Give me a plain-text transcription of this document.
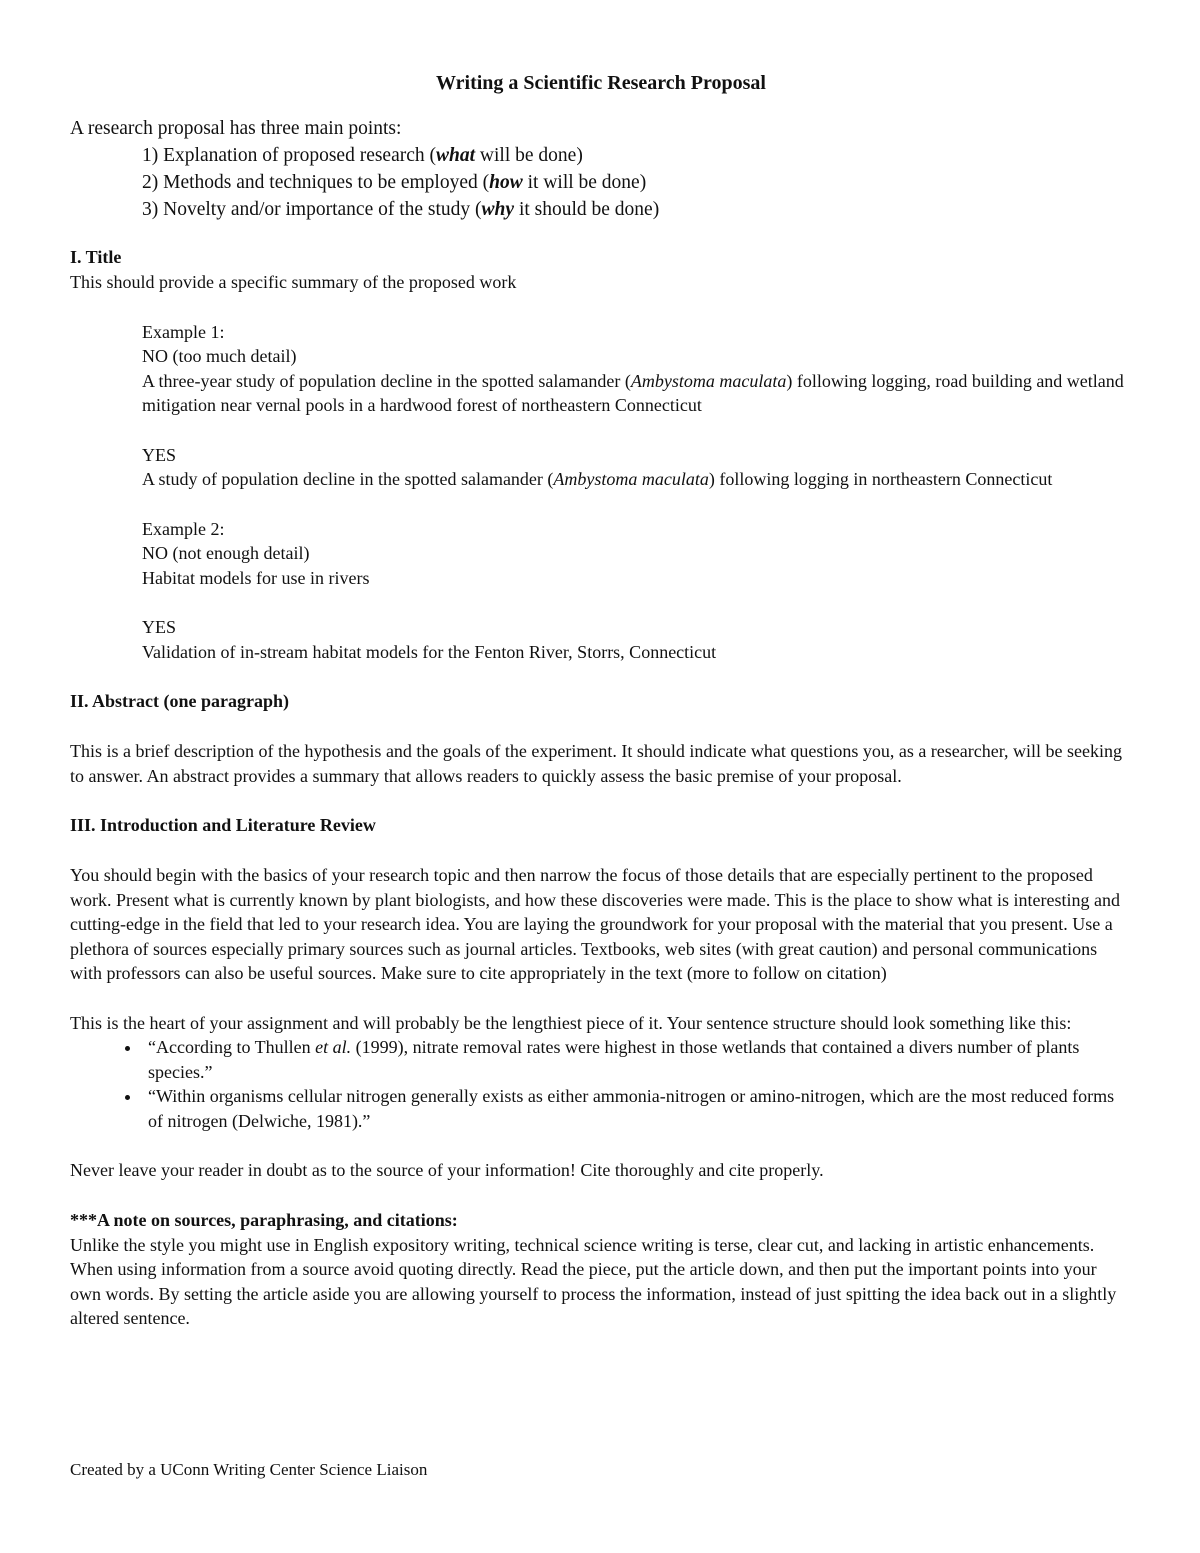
Writing a Scientific Research Proposal

A research proposal has three main points:

1) Explanation of proposed research (what will be done)
2) Methods and techniques to be employed (how it will be done)
3) Novelty and/or importance of the study (why it should be done)

I. Title

This should provide a specific summary of the proposed work

Example 1:

NO (too much detail)

A three-year study of population decline in the spotted salamander (Ambystoma maculata) following logging, road building and wetland mitigation near vernal pools in a hardwood forest of northeastern Connecticut

YES

A study of population decline in the spotted salamander (Ambystoma maculata) following logging in northeastern Connecticut

Example 2:

NO (not enough detail)

Habitat models for use in rivers

YES

Validation of in-stream habitat models for the Fenton River, Storrs, Connecticut

II. Abstract (one paragraph)

This is a brief description of the hypothesis and the goals of the experiment. It should indicate what questions you, as a researcher, will be seeking to answer. An abstract provides a summary that allows readers to quickly assess the basic premise of your proposal.

III. Introduction and Literature Review

You should begin with the basics of your research topic and then narrow the focus of those details that are especially pertinent to the proposed work. Present what is currently known by plant biologists, and how these discoveries were made. This is the place to show what is interesting and cutting-edge in the field that led to your research idea. You are laying the groundwork for your proposal with the material that you present. Use a plethora of sources especially primary sources such as journal articles. Textbooks, web sites (with great caution) and personal communications with professors can also be useful sources. Make sure to cite appropriately in the text (more to follow on citation)

This is the heart of your assignment and will probably be the lengthiest piece of it. Your sentence structure should look something like this:

• “According to Thullen et al. (1999), nitrate removal rates were highest in those wetlands that contained a divers number of plants species.”
• “Within organisms cellular nitrogen generally exists as either ammonia-nitrogen or amino-nitrogen, which are the most reduced forms of nitrogen (Delwiche, 1981).”

Never leave your reader in doubt as to the source of your information! Cite thoroughly and cite properly.

***A note on sources, paraphrasing, and citations:

Unlike the style you might use in English expository writing, technical science writing is terse, clear cut, and lacking in artistic enhancements. When using information from a source avoid quoting directly. Read the piece, put the article down, and then put the important points into your own words. By setting the article aside you are allowing yourself to process the information, instead of just spitting the idea back out in a slightly altered sentence.

Created by a UConn Writing Center Science Liaison
